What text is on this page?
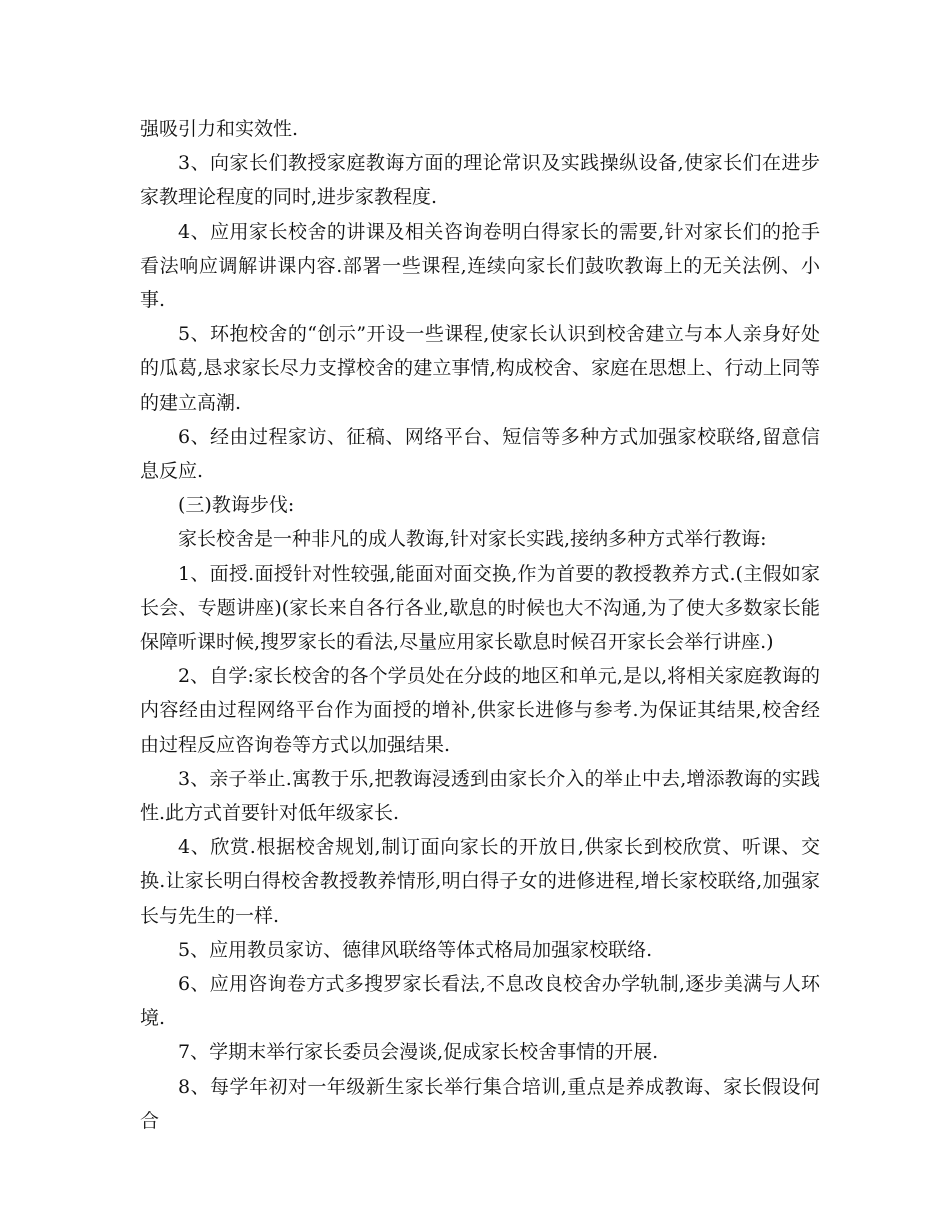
强吸引力和实效性.

3、向家长们教授家庭教诲方面的理论常识及实践操纵设备,使家长们在进步家教理论程度的同时,进步家教程度.

4、应用家长校舍的讲课及相关咨询卷明白得家长的需要,针对家长们的抢手看法响应调解讲课内容.部署一些课程,连续向家长们鼓吹教诲上的无关法例、小事.

5、环抱校舍的“创示”开设一些课程,使家长认识到校舍建立与本人亲身好处的瓜葛,恳求家长尽力支撑校舍的建立事情,构成校舍、家庭在思想上、行动上同等的建立高潮.

6、经由过程家访、征稿、网络平台、短信等多种方式加强家校联络,留意信息反应.

(三)教诲步伐:

家长校舍是一种非凡的成人教诲,针对家长实践,接纳多种方式举行教诲:

1、面授.面授针对性较强,能面对面交换,作为首要的教授教养方式.(主假如家长会、专题讲座)(家长来自各行各业,歇息的时候也大不沟通,为了使大多数家长能保障听课时候,搜罗家长的看法,尽量应用家长歇息时候召开家长会举行讲座.)

2、自学:家长校舍的各个学员处在分歧的地区和单元,是以,将相关家庭教诲的内容经由过程网络平台作为面授的增补,供家长进修与参考.为保证其结果,校舍经由过程反应咨询卷等方式以加强结果.

3、亲子举止.寓教于乐,把教诲浸透到由家长介入的举止中去,增添教诲的实践性.此方式首要针对低年级家长.

4、欣赏.根据校舍规划,制订面向家长的开放日,供家长到校欣赏、听课、交换.让家长明白得校舍教授教养情形,明白得子女的进修进程,增长家校联络,加强家长与先生的一样.

5、应用教员家访、德律风联络等体式格局加强家校联络.

6、应用咨询卷方式多搜罗家长看法,不息改良校舍办学轨制,逐步美满与人环境.

7、学期末举行家长委员会漫谈,促成家长校舍事情的开展.

8、每学年初对一年级新生家长举行集合培训,重点是养成教诲、家长假设何合
